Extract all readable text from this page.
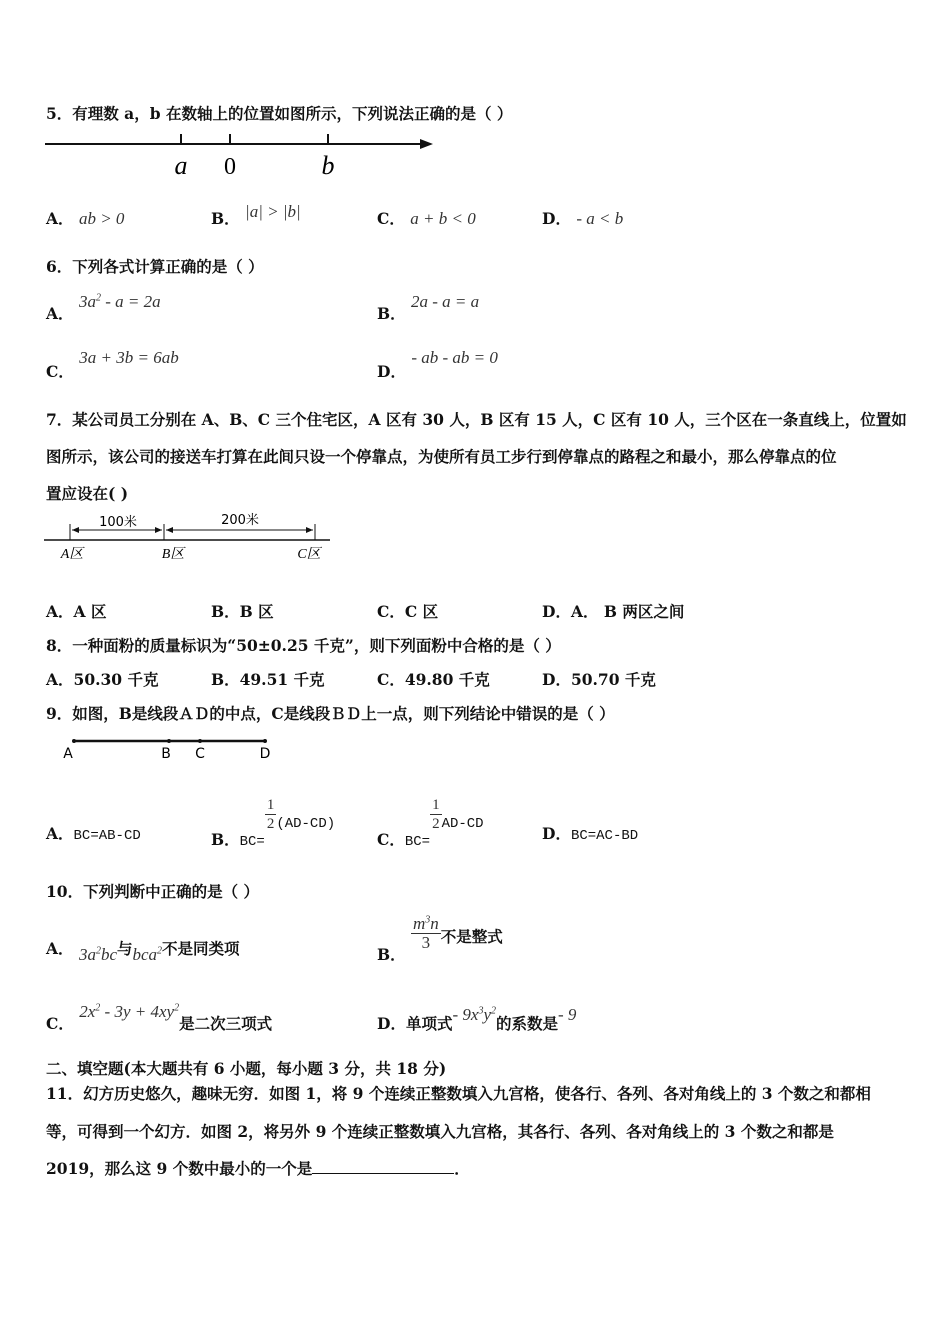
5．有理数 a，b 在数轴上的位置如图所示，下列说法正确的是（ ）
a 0	b
A． ab > 0	B． |a| > |b|	C． a + b < 0	D． - a < b
6．下列各式计算正确的是（ ）
A． $3a^2 - a = 2a$
B． 2a - a = a
C． 3a + 3b = 6ab
D． - ab - ab = 0
7．某公司员工分别在 A、B、C 三个住宅区，A 区有 30 人，B 区有 15 人，C 区有 10 人，三个区在一条直线上，位置如
图所示，该公司的接送车打算在此间只设一个停靠点，为使所有员工步行到停靠点的路程之和最小，那么停靠点的位
置应设在( )
100米	200米
A区	B区	C区
A．A 区	B．B 区	C．C 区	D．A． B 两区之间
8．一种面粉的质量标识为“50±0.25 千克”，则下列面粉中合格的是（ ）
A．50.30 千克	B．49.51 千克	C．49.80 千克	D．50.70 千克
9．如图，B是线段ＡＤ的中点，C是线段ＢＤ上一点，则下列结论中错误的是（ ）
A	B C	D
A．BC=AB-CD	B．BC=
$\frac{1}{2} (AD-CD)$
C．BC=
$\frac{1}{2} AD-CD$
D．BC=AC-BD
10．下列判断中正确的是（ ）
A． $3a^2bc$与bca$^2$不是同类项	B．
$\frac{m^3n}{3}$ 不是整式
C． $2x^2 - 3y + 4xy^2$是二次三项式	D．单项式- $9x^3y^2$的系数是- 9
二、填空题(本大题共有 6 小题，每小题 3 分，共 18 分)
11．幻方历史悠久，趣味无穷．如图 1，将 9 个连续正整数填入九宫格，使各行、各列、各对角线上的 3 个数之和都相
等，可得到一个幻方．如图 2，将另外 9 个连续正整数填入九宫格，其各行、各列、各对角线上的 3 个数之和都是
2019，那么这 9 个数中最小的一个是	．
